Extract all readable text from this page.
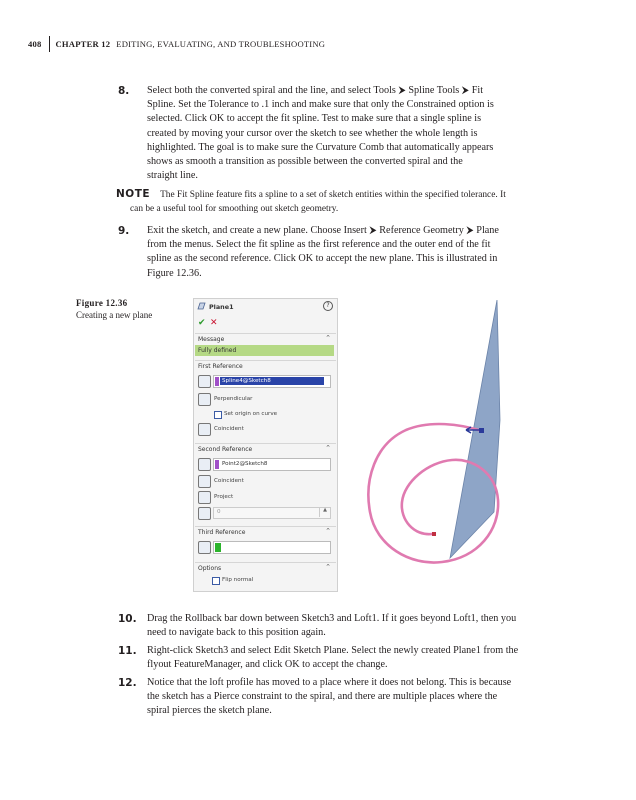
408 CHAPTER 12 EDITING, EVALUATING, AND TROUBLESHOOTING
8.	Select both the converted spiral and the line, and select Tools ⮞ Spline Tools ⮞ Fit
Spline. Set the Tolerance to .1 inch and make sure that only the Constrained option is
selected. Click OK to accept the fit spline. Test to make sure that a single spline is
created by moving your cursor over the sketch to see whether the whole length is
highlighted. The goal is to make sure the Curvature Comb that automatically appears
shows as smooth a transition as possible between the converted spiral and the
straight line.
NOTE The Fit Spline feature fits a spline to a set of sketch entities within the specified tolerance. It
can be a useful tool for smoothing out sketch geometry.
9.	Exit the sketch, and create a new plane. Choose Insert ⮞ Reference Geometry ⮞ Plane
from the menus. Select the fit spline as the first reference and the outer end of the fit
spline as the second reference. Click OK to accept the new plane. This is illustrated in
Figure 12.36.
Figure 12.36
Creating a new plane
Plane1	?
✔ ✕
Message	⌃
Fully defined
First Reference
Spline4@Sketch8
Perpendicular
Set origin on curve
Coincident
Second Reference	⌃
Point2@Sketch8
Coincident
Project
0	▲
Third Reference	⌃
Options	⌃
Flip normal
10.	Drag the Rollback bar down between Sketch3 and Loft1. If it goes beyond Loft1, then you
need to navigate back to this position again.
11.	Right-click Sketch3 and select Edit Sketch Plane. Select the newly created Plane1 from the
flyout FeatureManager, and click OK to accept the change.
12.	Notice that the loft profile has moved to a place where it does not belong. This is because
the sketch has a Pierce constraint to the spiral, and there are multiple places where the
spiral pierces the sketch plane.
